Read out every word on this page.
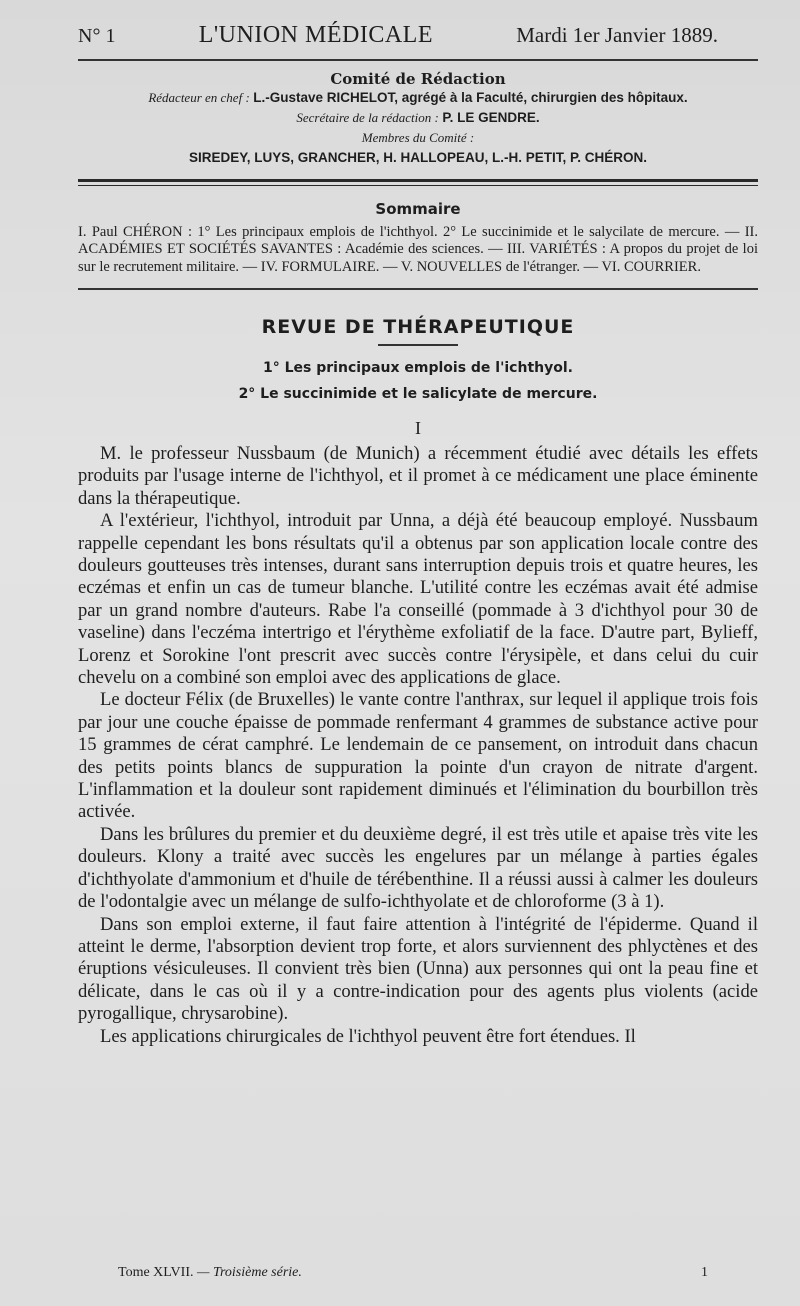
N° 1	L'UNION MÉDICALE	Mardi 1er Janvier 1889.
Comité de Rédaction
Rédacteur en chef : L.-Gustave RICHELOT, agrégé à la Faculté, chirurgien des hôpitaux.
Secrétaire de la rédaction : P. LE GENDRE.
Membres du Comité :
SIREDEY, LUYS, GRANCHER, H. HALLOPEAU, L.-H. PETIT, P. CHÉRON.
Sommaire
I. Paul CHÉRON : 1° Les principaux emplois de l'ichthyol. 2° Le succinimide et le salycilate de mercure. — II. ACADÉMIES ET SOCIÉTÉS SAVANTES : Académie des sciences. — III. VARIÉTÉS : A propos du projet de loi sur le recrutement militaire. — IV. FORMULAIRE. — V. NOUVELLES de l'étranger. — VI. COURRIER.
REVUE DE THÉRAPEUTIQUE
1° Les principaux emplois de l'ichthyol.
2° Le succinimide et le salicylate de mercure.
I

M. le professeur Nussbaum (de Munich) a récemment étudié avec détails les effets produits par l'usage interne de l'ichthyol, et il promet à ce médicament une place éminente dans la thérapeutique.

A l'extérieur, l'ichthyol, introduit par Unna, a déjà été beaucoup employé. Nussbaum rappelle cependant les bons résultats qu'il a obtenus par son application locale contre des douleurs goutteuses très intenses, durant sans interruption depuis trois et quatre heures, les eczémas et enfin un cas de tumeur blanche. L'utilité contre les eczémas avait été admise par un grand nombre d'auteurs. Rabe l'a conseillé (pommade à 3 d'ichthyol pour 30 de vaseline) dans l'eczéma intertrigo et l'érythème exfoliatif de la face. D'autre part, Bylieff, Lorenz et Sorokine l'ont prescrit avec succès contre l'érysipèle, et dans celui du cuir chevelu on a combiné son emploi avec des applications de glace.

Le docteur Félix (de Bruxelles) le vante contre l'anthrax, sur lequel il applique trois fois par jour une couche épaisse de pommade renfermant 4 grammes de substance active pour 15 grammes de cérat camphré. Le lendemain de ce pansement, on introduit dans chacun des petits points blancs de suppuration la pointe d'un crayon de nitrate d'argent. L'inflammation et la douleur sont rapidement diminués et l'élimination du bourbillon très activée.

Dans les brûlures du premier et du deuxième degré, il est très utile et apaise très vite les douleurs. Klony a traité avec succès les engelures par un mélange à parties égales d'ichthyolate d'ammonium et d'huile de térébenthine. Il a réussi aussi à calmer les douleurs de l'odontalgie avec un mélange de sulfo-ichthyolate et de chloroforme (3 à 1).

Dans son emploi externe, il faut faire attention à l'intégrité de l'épiderme. Quand il atteint le derme, l'absorption devient trop forte, et alors surviennent des phlyctènes et des éruptions vésiculeuses. Il convient très bien (Unna) aux personnes qui ont la peau fine et délicate, dans le cas où il y a contre-indication pour des agents plus violents (acide pyrogallique, chrysarobine).

Les applications chirurgicales de l'ichthyol peuvent être fort étendues. Il

Tome XLVII. — Troisième série.	1
